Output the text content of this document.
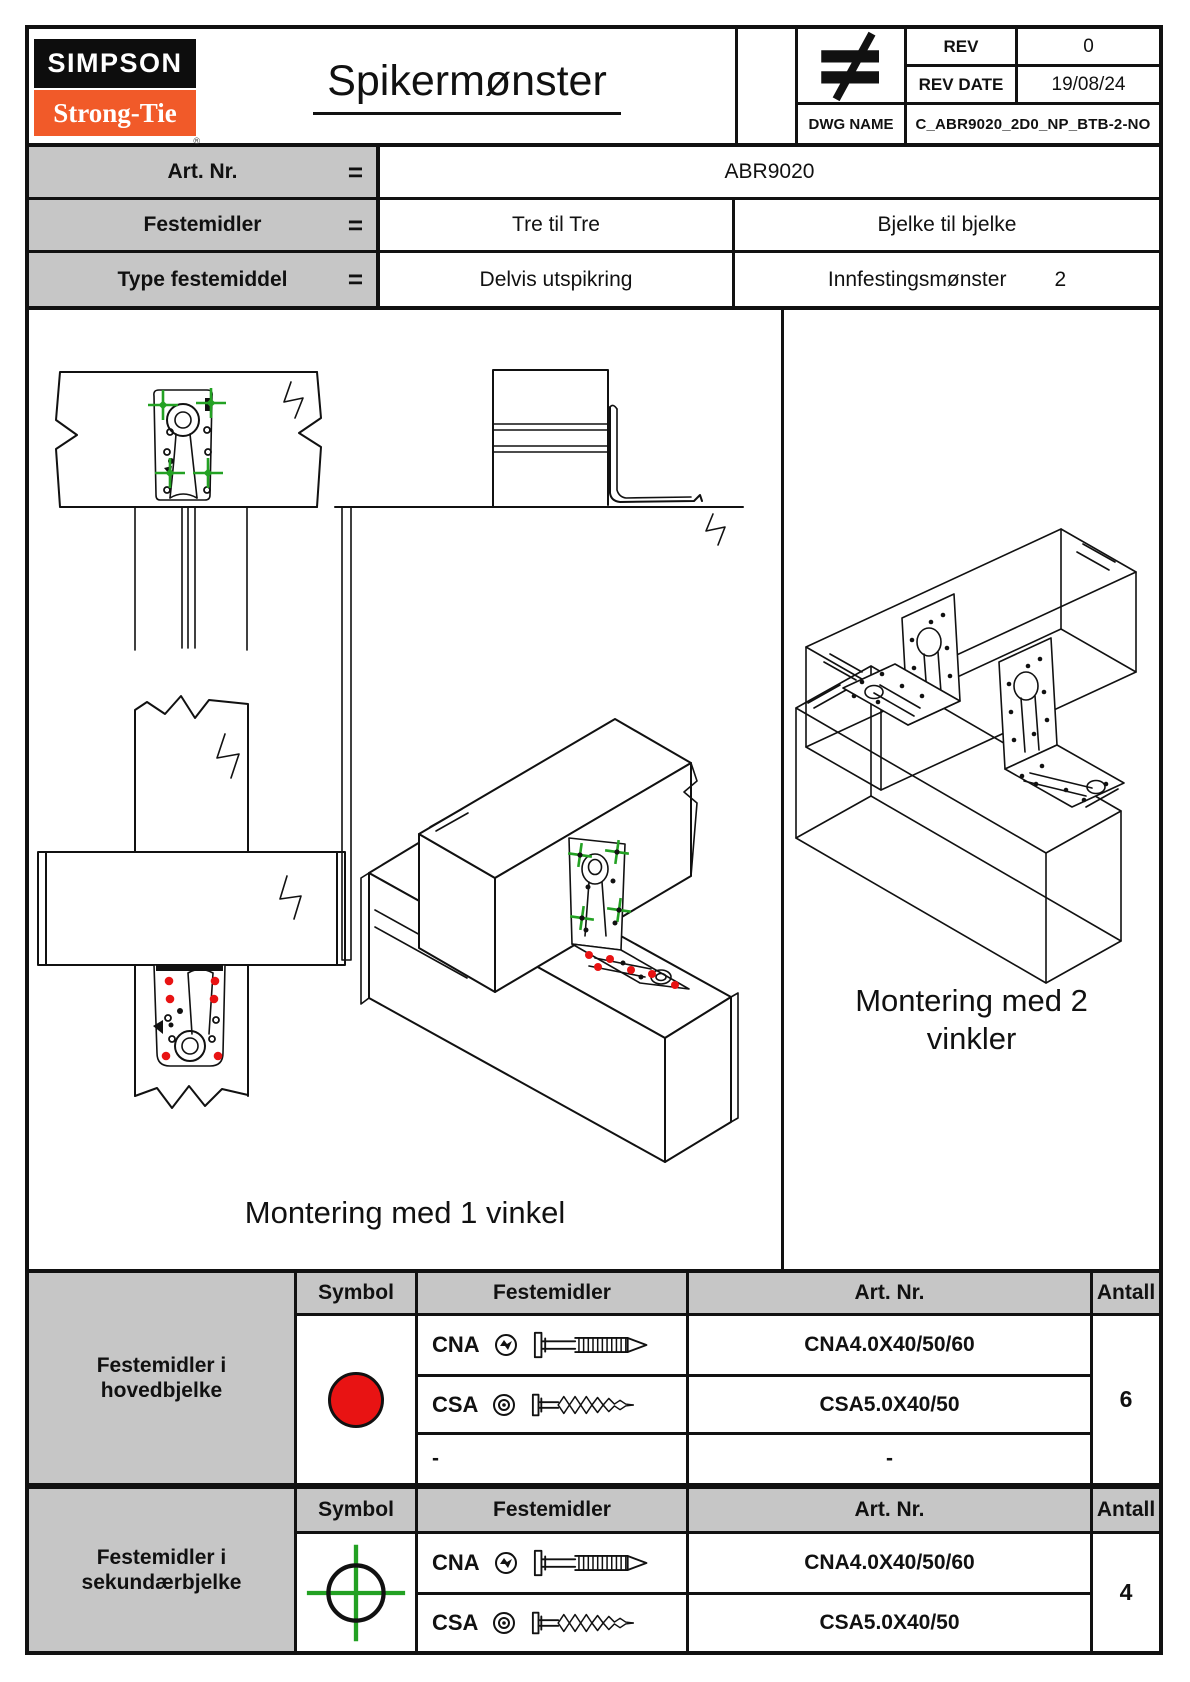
SIMPSON
Strong-Tie
®
Spikermønster
REV	0
REV DATE	19/08/24
DWG NAME	C_ABR9020_2D0_NP_BTB-2-NO
Art. Nr.	=	ABR9020
Festemidler	=	Tre til Tre	Bjelke til bjelke
Type festemiddel =	Delvis utspikring	Innfestingsmønster 2
Montering med 1 vinkel
Montering med 2
vinkler
Festemidler i
hovedbjelke
Symbol	Festemidler	Art. Nr.	Antall
CNA	CNA4.0X40/50/60
CSA	CSA5.0X40/50
-	-
6
Festemidler i
sekundærbjelke
Symbol	Festemidler	Art. Nr.	Antall
CNA	CNA4.0X40/50/60
CSA	CSA5.0X40/50
4
